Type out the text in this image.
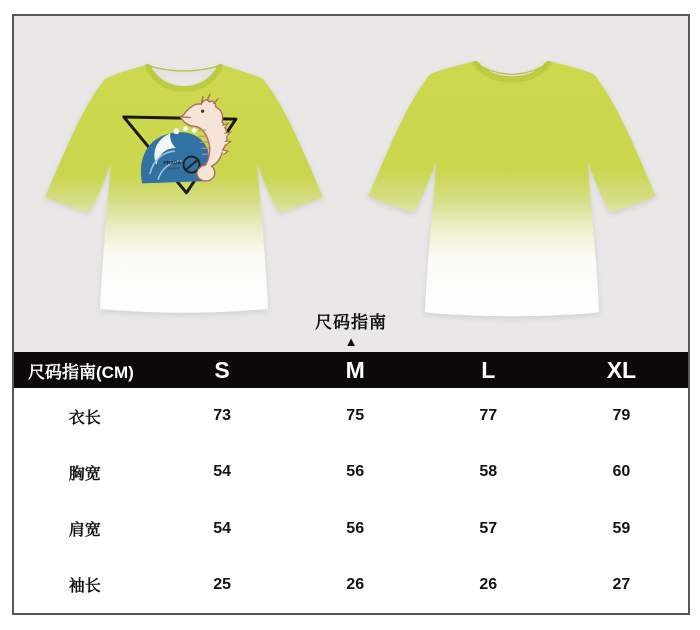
PRADA
MILANO
尺码指南
▲
尺码指南(CM)	S	M	L	XL
衣长	73	75	77	79
胸宽	54	56	58	60
肩宽	54	56	57	59
袖长	25	26	26	27
